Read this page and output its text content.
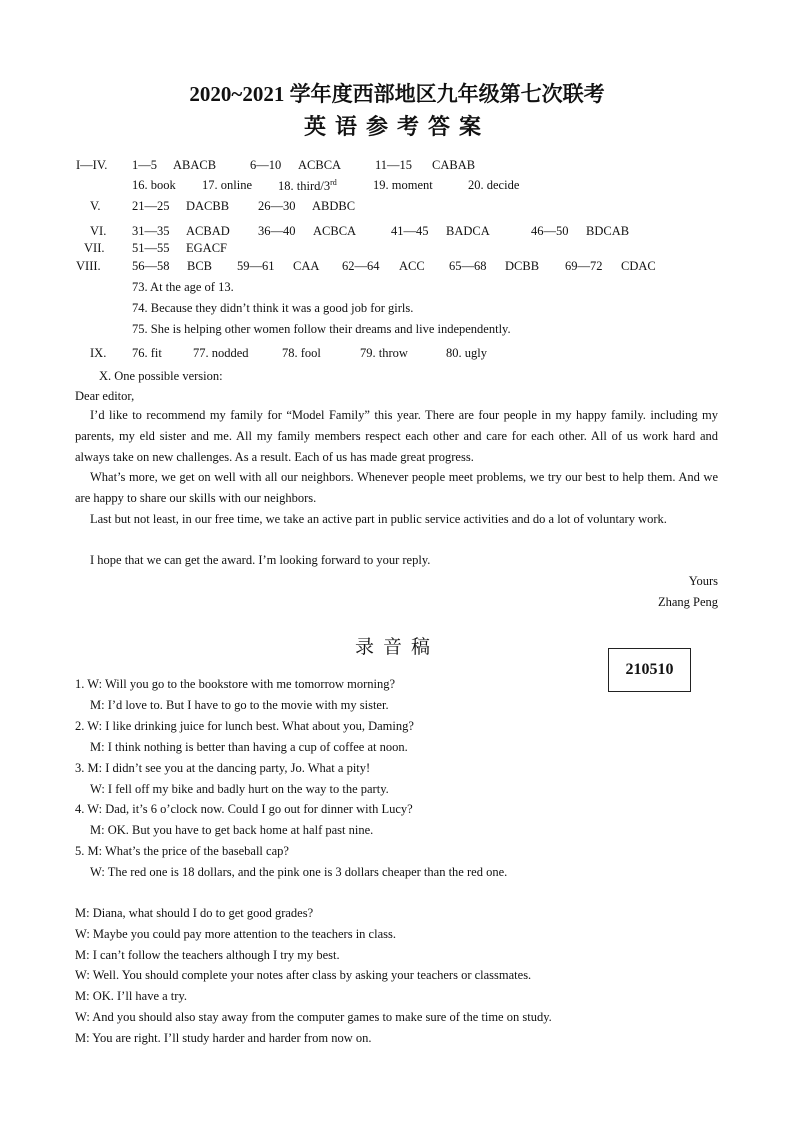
2020~2021 学年度西部地区九年级第七次联考
英语参考答案
I—IV. 1—5 ABACB	6—10 ACBCA	11—15 CABAB
16. book 17. online 18. third/3rd	19. moment	20. decide
V.	21—25 DACBB 26—30 ABDBC
VI. 31—35 ACBAD 36—40 ACBCA	41—45 BADCA	46—50 BDCAB
VII. 51—55 EGACF
VIII.	56—58 BCB 59—61 CAA 62—64 ACC 65—68 DCBB 69—72 CDAC
73. At the age of 13.
74. Because they didn’t think it was a good job for girls.
75. She is helping other women follow their dreams and live independently.
IX. 76. fit 77. nodded	78. fool	79. throw	80. ugly
X. One possible version:
Dear editor,
I’d like to recommend my family for “Model Family” this year. There are four people in my happy family. including my parents, my eld sister and me. All my family members respect each other and care for each other. All of us work hard and always take on new challenges. As a result. Each of us has made great progress.
What’s more, we get on well with all our neighbors. Whenever people meet problems, we try our best to help them. And we are happy to share our skills with our neighbors.
Last but not least, in our free time, we take an active part in public service activities and do a lot of voluntary work.
I hope that we can get the award. I’m looking forward to your reply.
Yours
Zhang Peng
录音稿
210510
1. W: Will you go to the bookstore with me tomorrow morning?
M: I’d love to. But I have to go to the movie with my sister.
2. W: I like drinking juice for lunch best. What about you, Daming?
M: I think nothing is better than having a cup of coffee at noon.
3. M: I didn’t see you at the dancing party, Jo. What a pity!
W: I fell off my bike and badly hurt on the way to the party.
4. W: Dad, it’s 6 o’clock now. Could I go out for dinner with Lucy?
M: OK. But you have to get back home at half past nine.
5. M: What’s the price of the baseball cap?
W: The red one is 18 dollars, and the pink one is 3 dollars cheaper than the red one.
M: Diana, what should I do to get good grades?
W: Maybe you could pay more attention to the teachers in class.
M: I can’t follow the teachers although I try my best.
W: Well. You should complete your notes after class by asking your teachers or classmates.
M: OK. I’ll have a try.
W: And you should also stay away from the computer games to make sure of the time on study.
M: You are right. I’ll study harder and harder from now on.
